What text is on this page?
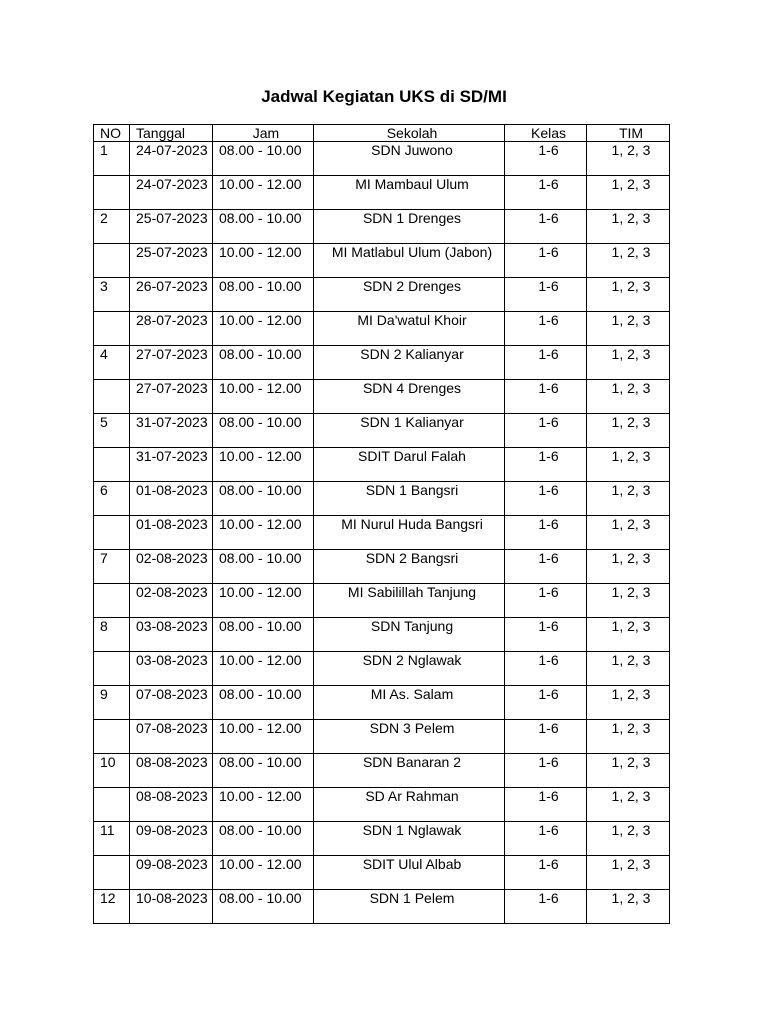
Jadwal Kegiatan UKS di SD/MI
NO	Tanggal	Jam	Sekolah	Kelas	TIM
1	24-07-2023	08.00 - 10.00	SDN Juwono	1-6	1, 2, 3
	24-07-2023	10.00 - 12.00	MI Mambaul Ulum	1-6	1, 2, 3
2	25-07-2023	08.00 - 10.00	SDN 1 Drenges	1-6	1, 2, 3
	25-07-2023	10.00 - 12.00	MI Matlabul Ulum (Jabon)	1-6	1, 2, 3
3	26-07-2023	08.00 - 10.00	SDN 2 Drenges	1-6	1, 2, 3
	28-07-2023	10.00 - 12.00	MI Da'watul Khoir	1-6	1, 2, 3
4	27-07-2023	08.00 - 10.00	SDN 2 Kalianyar	1-6	1, 2, 3
	27-07-2023	10.00 - 12.00	SDN 4 Drenges	1-6	1, 2, 3
5	31-07-2023	08.00 - 10.00	SDN 1 Kalianyar	1-6	1, 2, 3
	31-07-2023	10.00 - 12.00	SDIT Darul Falah	1-6	1, 2, 3
6	01-08-2023	08.00 - 10.00	SDN 1 Bangsri	1-6	1, 2, 3
	01-08-2023	10.00 - 12.00	MI Nurul Huda Bangsri	1-6	1, 2, 3
7	02-08-2023	08.00 - 10.00	SDN 2 Bangsri	1-6	1, 2, 3
	02-08-2023	10.00 - 12.00	MI Sabilillah Tanjung	1-6	1, 2, 3
8	03-08-2023	08.00 - 10.00	SDN Tanjung	1-6	1, 2, 3
	03-08-2023	10.00 - 12.00	SDN 2 Nglawak	1-6	1, 2, 3
9	07-08-2023	08.00 - 10.00	MI As. Salam	1-6	1, 2, 3
	07-08-2023	10.00 - 12.00	SDN 3 Pelem	1-6	1, 2, 3
10	08-08-2023	08.00 - 10.00	SDN Banaran 2	1-6	1, 2, 3
	08-08-2023	10.00 - 12.00	SD Ar Rahman	1-6	1, 2, 3
11	09-08-2023	08.00 - 10.00	SDN 1 Nglawak	1-6	1, 2, 3
	09-08-2023	10.00 - 12.00	SDIT Ulul Albab	1-6	1, 2, 3
12	10-08-2023	08.00 - 10.00	SDN 1 Pelem	1-6	1, 2, 3
